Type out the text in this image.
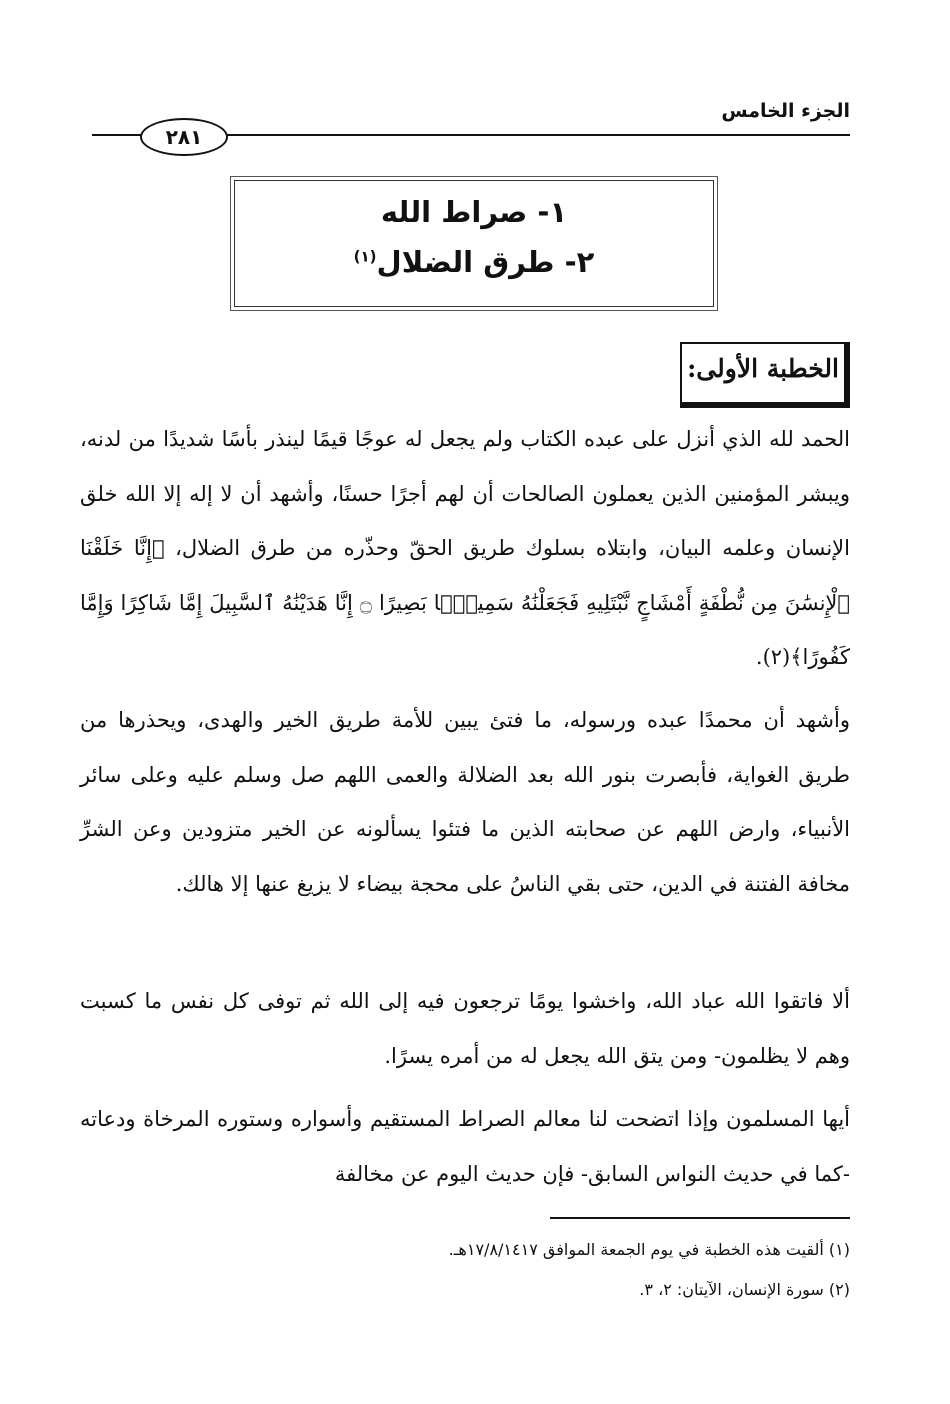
الجزء الخامس
٢٨١
١- صراط الله
٢- طرق الضلال$^{(١)}$
الخطبة الأولى:

الحمد لله الذي أنزل على عبده الكتاب ولم يجعل له عوجًا قيمًا لينذر بأسًا شديدًا من لدنه، ويبشر المؤمنين الذين يعملون الصالحات أن لهم أجرًا حسنًا، وأشهد أن لا إله إلا الله خلق الإنسان وعلمه البيان، وابتلاه بسلوك طريق الحقّ وحذّره من طرق الضلال، ﴿إِنَّا خَلَقْنَا ٱلْإِنسَٰنَ مِن نُّطْفَةٍ أَمْشَاجٍ نَّبْتَلِيهِ فَجَعَلْنَٰهُ سَمِيعًۢا بَصِيرًا ۝ إِنَّا هَدَيْنَٰهُ ٱلسَّبِيلَ إِمَّا شَاكِرًا وَإِمَّا كَفُورًا﴾(٢).

وأشهد أن محمدًا عبده ورسوله، ما فتئ يبين للأمة طريق الخير والهدى، ويحذرها من طريق الغواية، فأبصرت بنور الله بعد الضلالة والعمى اللهم صل وسلم عليه وعلى سائر الأنبياء، وارض اللهم عن صحابته الذين ما فتئوا يسألونه عن الخير متزودين وعن الشرِّ مخافة الفتنة في الدين، حتى بقي الناسُ على محجة بيضاء لا يزيغ عنها إلا هالك.

ألا فاتقوا الله عباد الله، واخشوا يومًا ترجعون فيه إلى الله ثم توفى كل نفس ما كسبت وهم لا يظلمون- ومن يتق الله يجعل له من أمره يسرًا.

أيها المسلمون وإذا اتضحت لنا معالم الصراط المستقيم وأسواره وستوره المرخاة ودعاته -كما في حديث النواس السابق- فإن حديث اليوم عن مخالفة

(١) ألقيت هذه الخطبة في يوم الجمعة الموافق ١٧/٨/١٤١٧هـ.
(٢) سورة الإنسان، الآيتان: ٢، ٣.
